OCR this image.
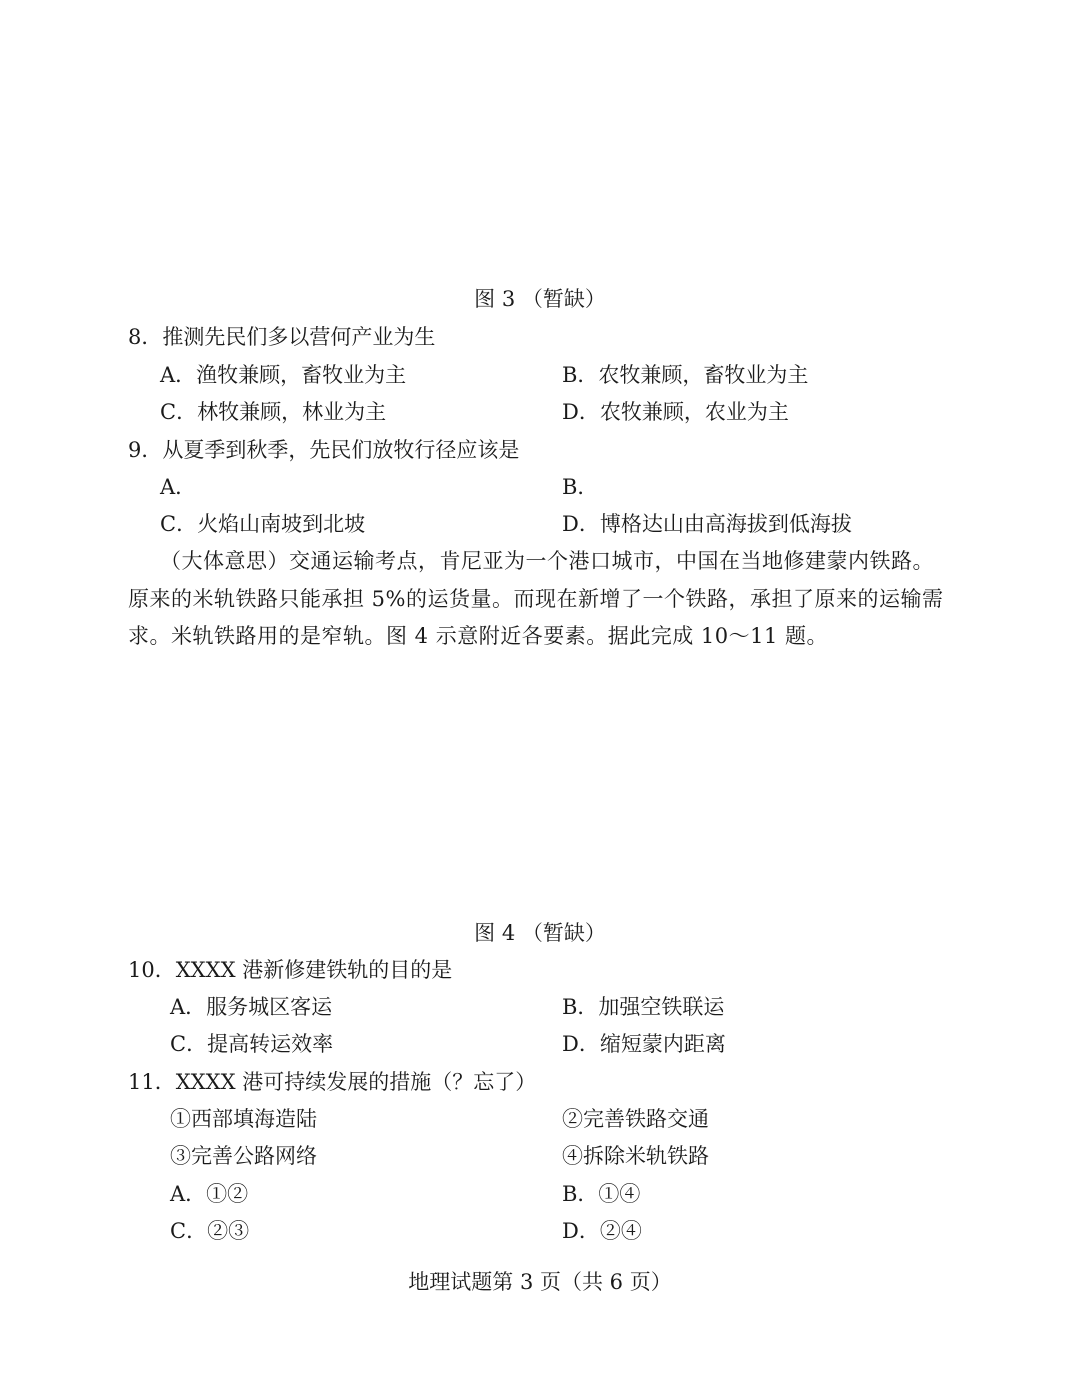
图 3 （暂缺）
8．推测先民们多以营何产业为生
A．渔牧兼顾，畜牧业为主	B．农牧兼顾，畜牧业为主
C．林牧兼顾，林业为主	D．农牧兼顾，农业为主
9．从夏季到秋季，先民们放牧行径应该是
A．	B．
C．火焰山南坡到北坡	D．博格达山由高海拔到低海拔
（大体意思）交通运输考点，肯尼亚为一个港口城市，中国在当地修建蒙内铁路。
原来的米轨铁路只能承担 5%的运货量。而现在新增了一个铁路，承担了原来的运输需
求。米轨铁路用的是窄轨。图 4 示意附近各要素。据此完成 10～11 题。
图 4 （暂缺）
10．XXXX 港新修建铁轨的目的是
A．服务城区客运	B．加强空铁联运
C．提高转运效率	D．缩短蒙内距离
11．XXXX 港可持续发展的措施（？忘了）
①西部填海造陆	②完善铁路交通
③完善公路网络	④拆除米轨铁路
A．①②	B．①④
C．②③	D．②④
地理试题第 3 页（共 6 页）
